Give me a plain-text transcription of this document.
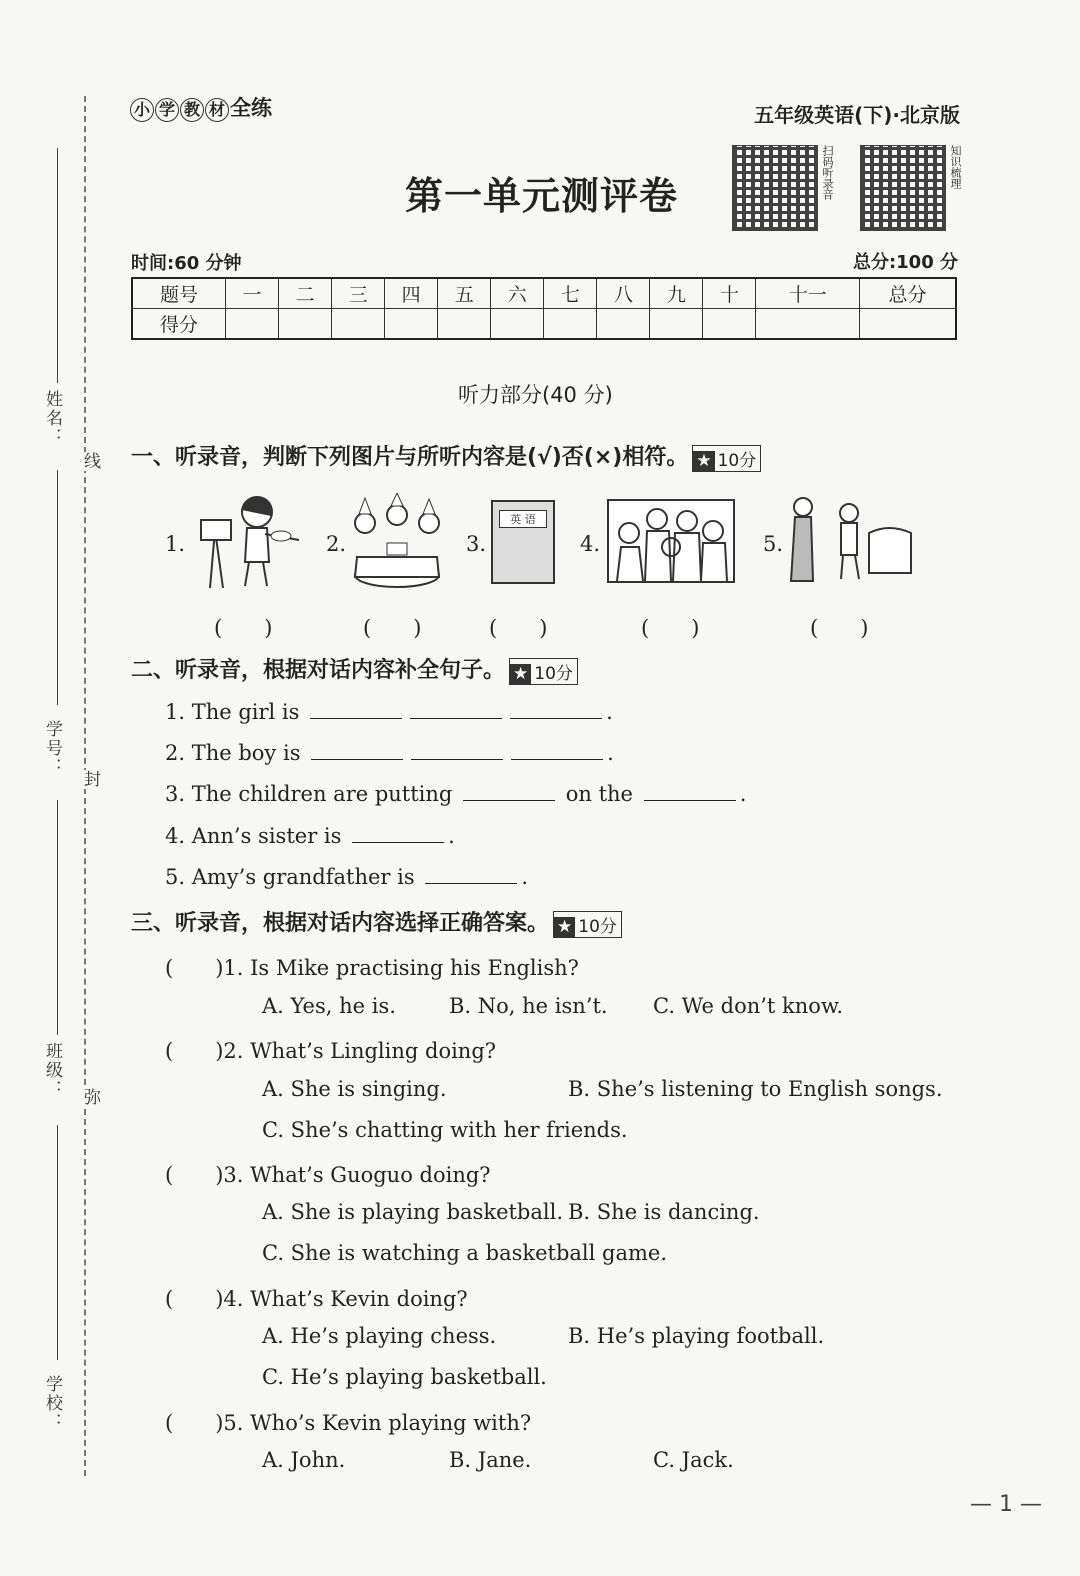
姓名：
线
学号：
封
班级： 弥
学校：
小 学 教 材 全练	五年级英语(下)·北京版
第一单元测评卷	扫码听录音	知识梳理
时间:60 分钟	总分:100 分
题号	一	二	三	四	五	六	七	八	九	十	十一	总分
得分												
听力部分(40 分)
一、听录音，判断下列图片与所听内容是(√)否(×)相符。 ★ 10分
1.	2.	3.
英 语
4.	5.
(　　)	(　　)	(　　)	(　　)	(　　)
二、听录音，根据对话内容补全句子。 ★ 10分
1. The girl is	.
2. The boy is	.
3. The children are putting	on the	.
4. Ann’s sister is	.
5. Amy’s grandfather is	.
三、听录音，根据对话内容选择正确答案。 ★ 10分
(　　)1. Is Mike practising his English?
A. Yes, he is.	B. No, he isn’t. C. We don’t know.
(　　)2. What’s Lingling doing?
A. She is singing.	B. She’s listening to English songs.
C. She’s chatting with her friends.
(　　)3. What’s Guoguo doing?
A. She is playing basketball. B. She is dancing.
C. She is watching a basketball game.
(　　)4. What’s Kevin doing?
A. He’s playing chess.	B. He’s playing football.
C. He’s playing basketball.
(　　)5. Who’s Kevin playing with?
A. John.	B. Jane.	C. Jack.
— 1 —
